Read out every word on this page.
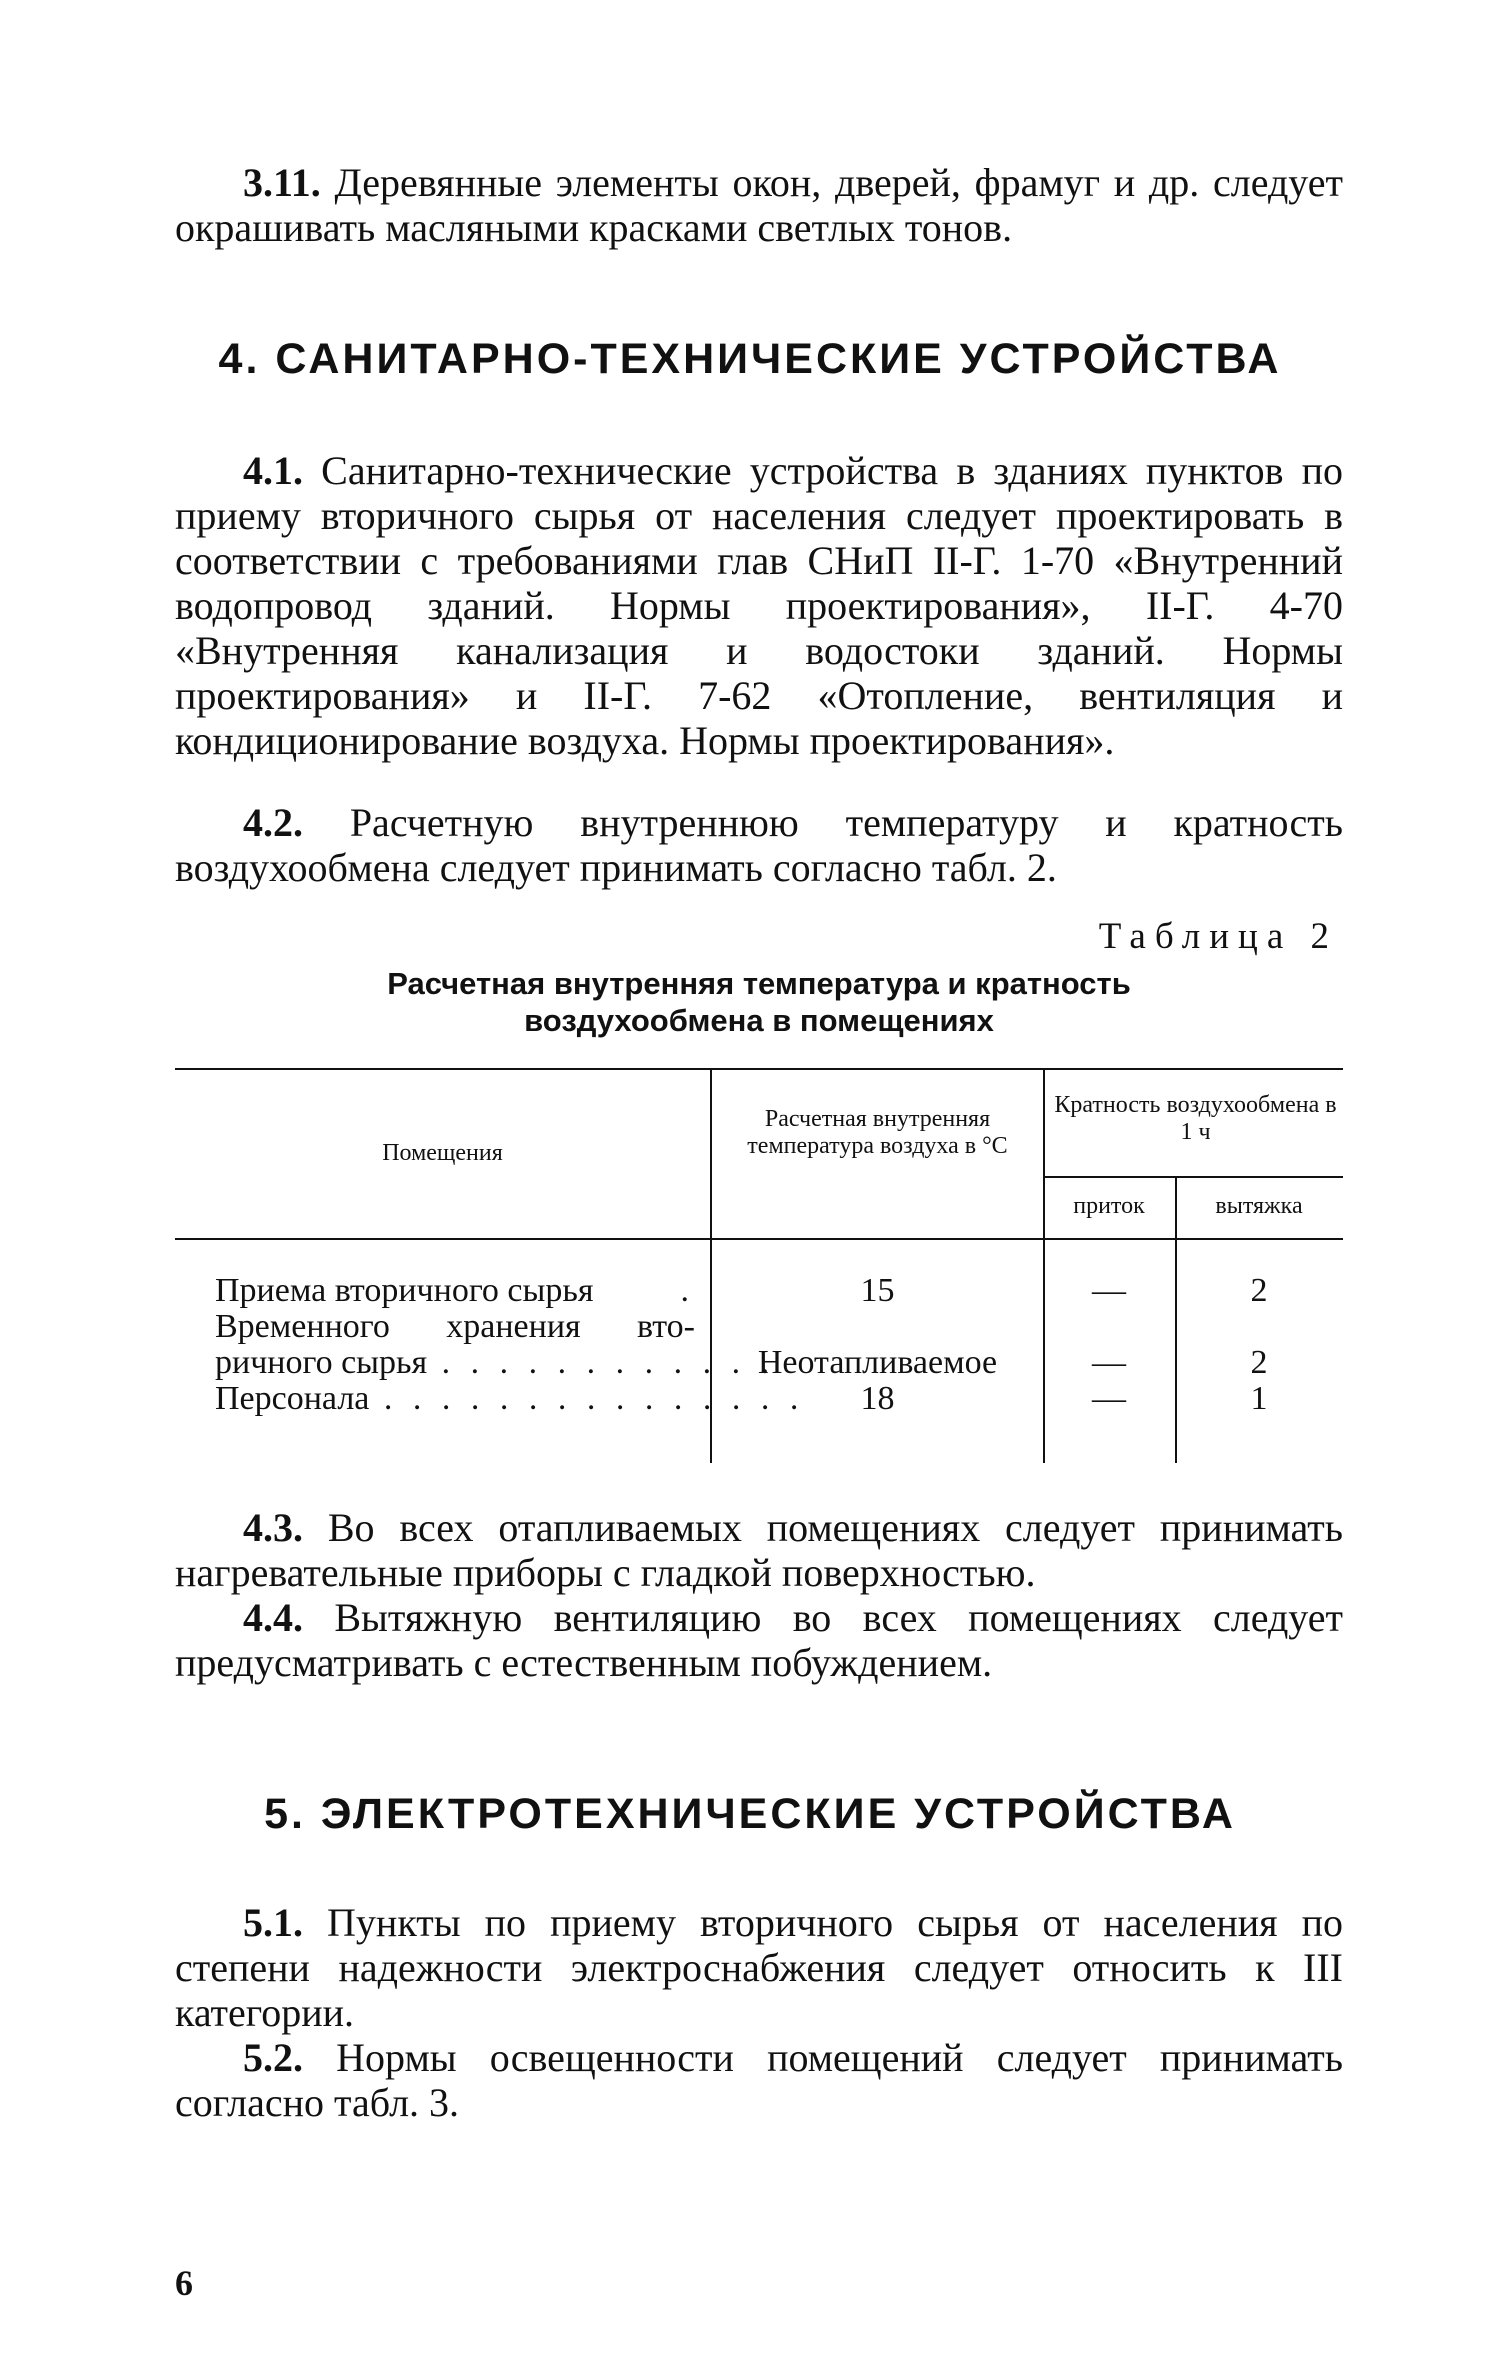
3.11. Деревянные элементы окон, дверей, фрамуг и др. следует окрашивать масляными красками светлых тонов.

4. САНИТАРНО-ТЕХНИЧЕСКИЕ УСТРОЙСТВА

4.1. Санитарно-технические устройства в зданиях пунктов по приему вторичного сырья от населения следует проектировать в соответствии с требованиями глав СНиП II-Г. 1-70 «Внутренний водопровод зданий. Нормы проектирования», II-Г. 4-70 «Внутренняя канализация и водостоки зданий. Нормы проектирования» и II-Г. 7-62 «Отопление, вентиляция и кондиционирование воздуха. Нормы проектирования».

4.2. Расчетную внутреннюю температуру и кратность воздухообмена следует принимать согласно табл. 2.

Таблица 2
Расчетная внутренняя температура и кратность
воздухообмена в помещениях
Помещения
Расчетная внутренняя температура воздуха в °С
Кратность воздухообмена в 1 ч
приток	вытяжка
Приема вторичного сырья	.
Временного хранения вто-
ричного сырья . . . . . . . . . . . .
Персонала . . . . . . . . . . . . . . .
15
Неотапливаемое
18
—
—
—
2
2
1

4.3. Во всех отапливаемых помещениях следует принимать нагревательные приборы с гладкой поверхностью.

4.4. Вытяжную вентиляцию во всех помещениях следует предусматривать с естественным побуждением.

5. ЭЛЕКТРОТЕХНИЧЕСКИЕ УСТРОЙСТВА

5.1. Пункты по приему вторичного сырья от населения по степени надежности электроснабжения следует относить к III категории.

5.2. Нормы освещенности помещений следует принимать согласно табл. 3.

6
